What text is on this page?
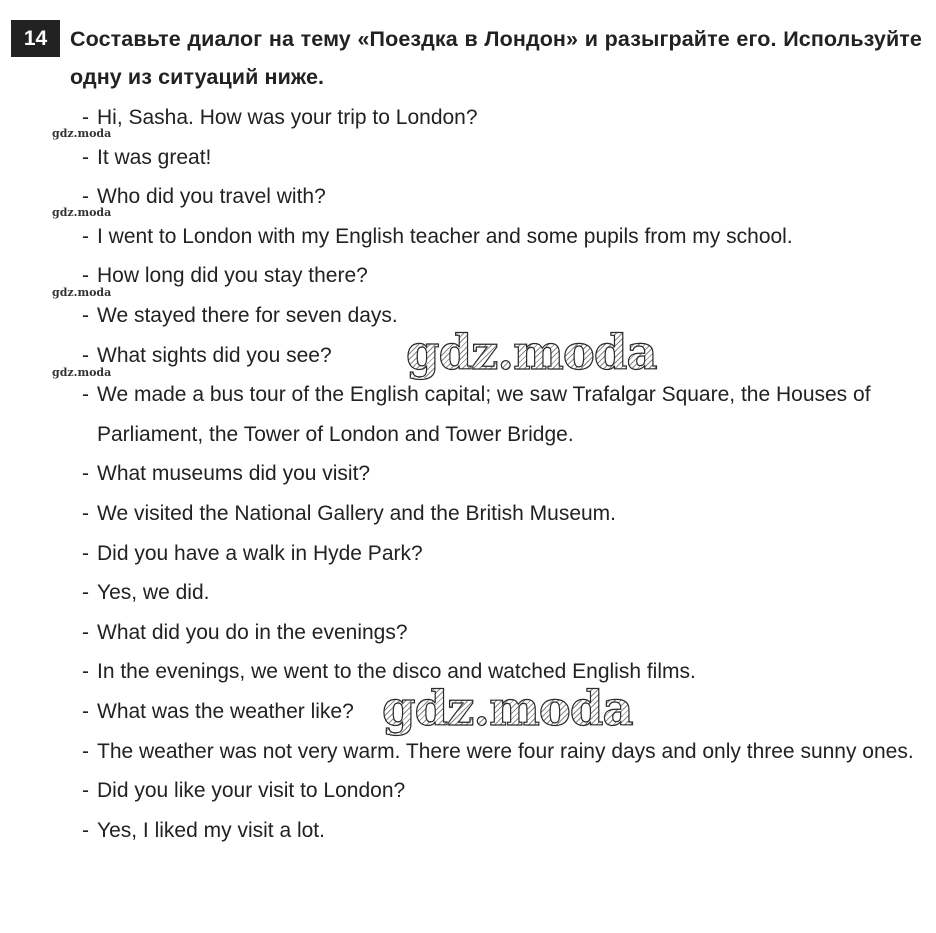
14	Составьте диалог на тему «Поездка в Лондон» и разыграйте его. Используйте одну из ситуаций ниже.
- Hi, Sasha. How was your trip to London?
- It was great!
- Who did you travel with?
- I went to London with my English teacher and some pupils from my school.
- How long did you stay there?
- We stayed there for seven days.
- What sights did you see?
- We made a bus tour of the English capital; we saw Trafalgar Square, the Houses of Parliament, the Tower of London and Tower Bridge.
- What museums did you visit?
- We visited the National Gallery and the British Museum.
- Did you have a walk in Hyde Park?
- Yes, we did.
- What did you do in the evenings?
- In the evenings, we went to the disco and watched English films.
- What was the weather like?
- The weather was not very warm. There were four rainy days and only three sunny ones.
- Did you like your visit to London?
- Yes, I liked my visit a lot.
gdz.moda
gdz.moda
gdz.moda
gdz.moda	gdz.moda
gdz.moda
